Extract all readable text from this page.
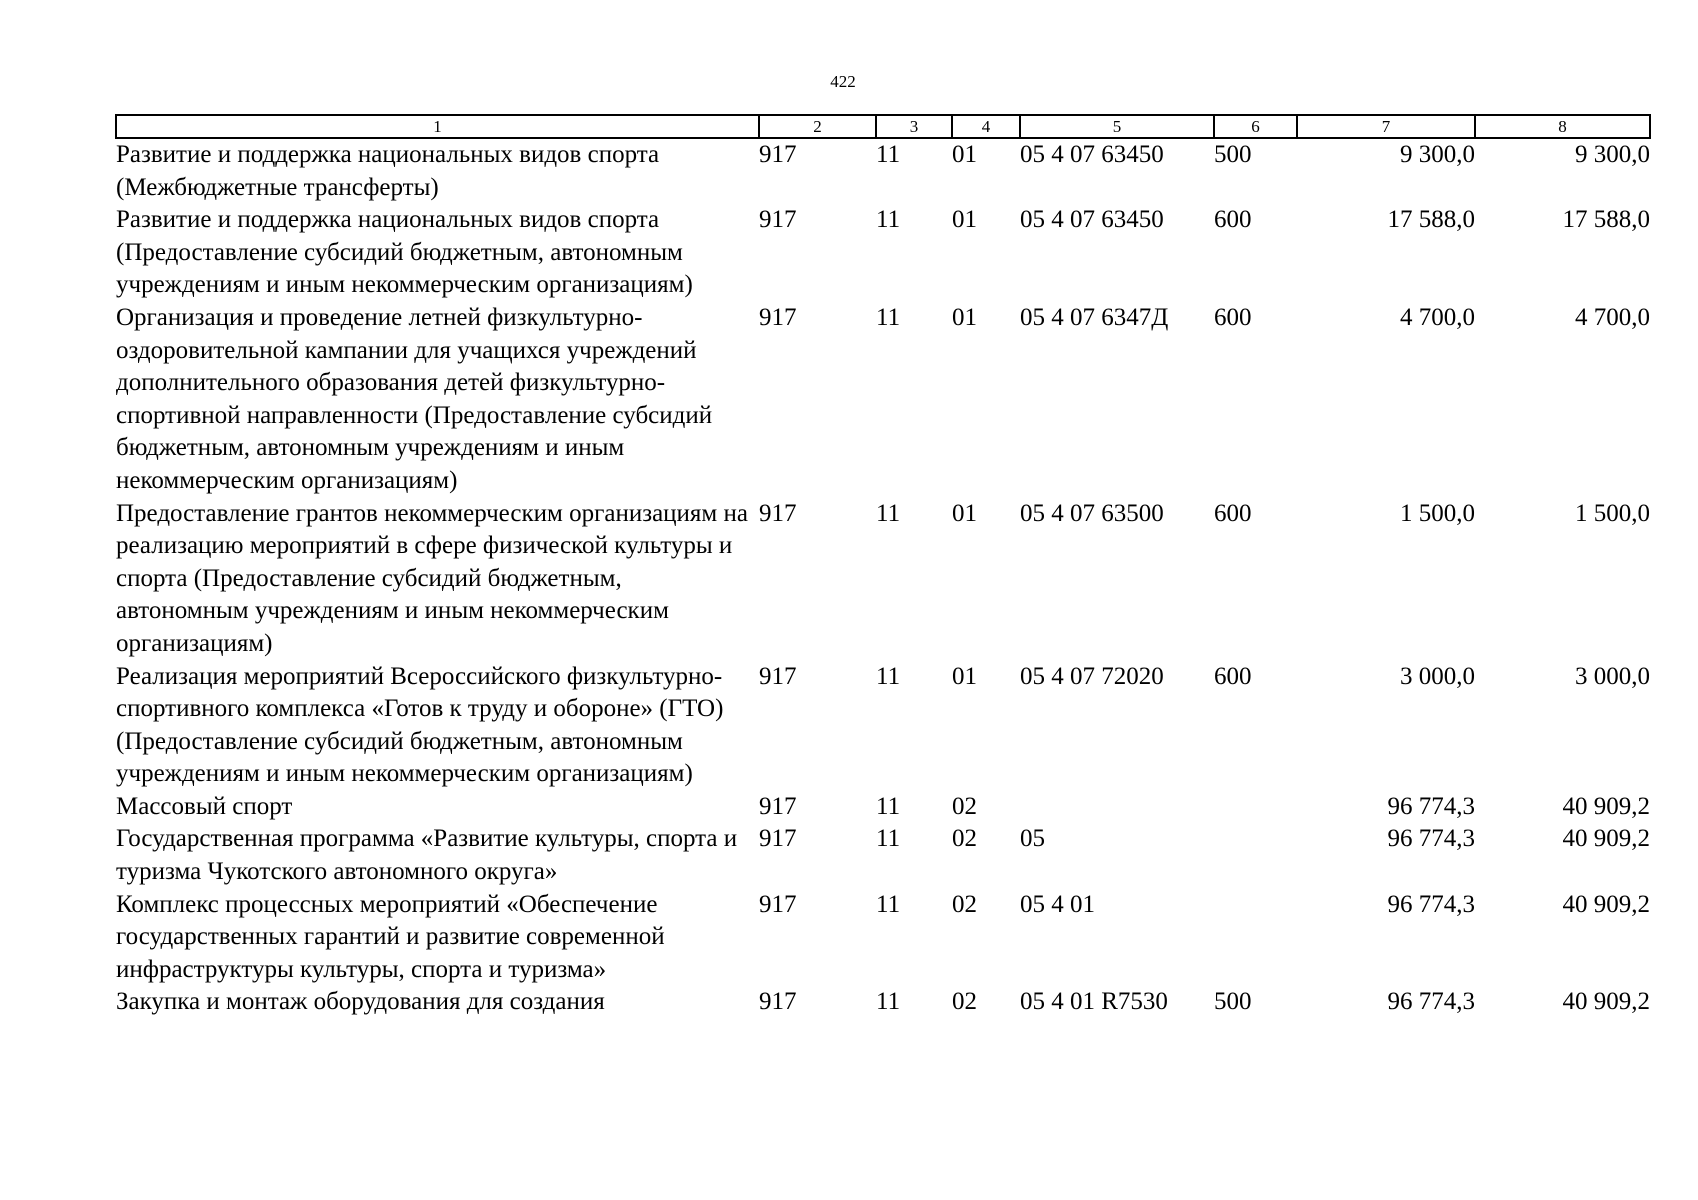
422
1	2	3	4	5	6	7	8
Развитие и поддержка национальных видов спорта (Межбюджетные трансферты)	917	11	01	05 4 07 63450	500	9 300,0	9 300,0
Развитие и поддержка национальных видов спорта (Предоставление субсидий бюджетным, автономным учреждениям и иным некоммерческим организациям)	917	11	01	05 4 07 63450	600	17 588,0	17 588,0
Организация и проведение летней физкультурно-оздоровительной кампании для учащихся учреждений дополнительного образования детей физкультурно-спортивной направленности (Предоставление субсидий бюджетным, автономным учреждениям и иным некоммерческим организациям)	917	11	01	05 4 07 6347Д	600	4 700,0	4 700,0
Предоставление грантов некоммерческим организациям на реализацию мероприятий в сфере физической культуры и спорта (Предоставление субсидий бюджетным, автономным учреждениям и иным некоммерческим организациям)	917	11	01	05 4 07 63500	600	1 500,0	1 500,0
Реализация мероприятий Всероссийского физкультурно-спортивного комплекса «Готов к труду и обороне» (ГТО) (Предоставление субсидий бюджетным, автономным учреждениям и иным некоммерческим организациям)	917	11	01	05 4 07 72020	600	3 000,0	3 000,0
Массовый спорт	917	11	02			96 774,3	40 909,2
Государственная программа «Развитие культуры, спорта и туризма Чукотского автономного округа»	917	11	02	05		96 774,3	40 909,2
Комплекс процессных мероприятий «Обеспечение государственных гарантий и развитие современной инфраструктуры культуры, спорта и туризма»	917	11	02	05 4 01		96 774,3	40 909,2
Закупка и монтаж оборудования для создания	917	11	02	05 4 01 R7530	500	96 774,3	40 909,2
